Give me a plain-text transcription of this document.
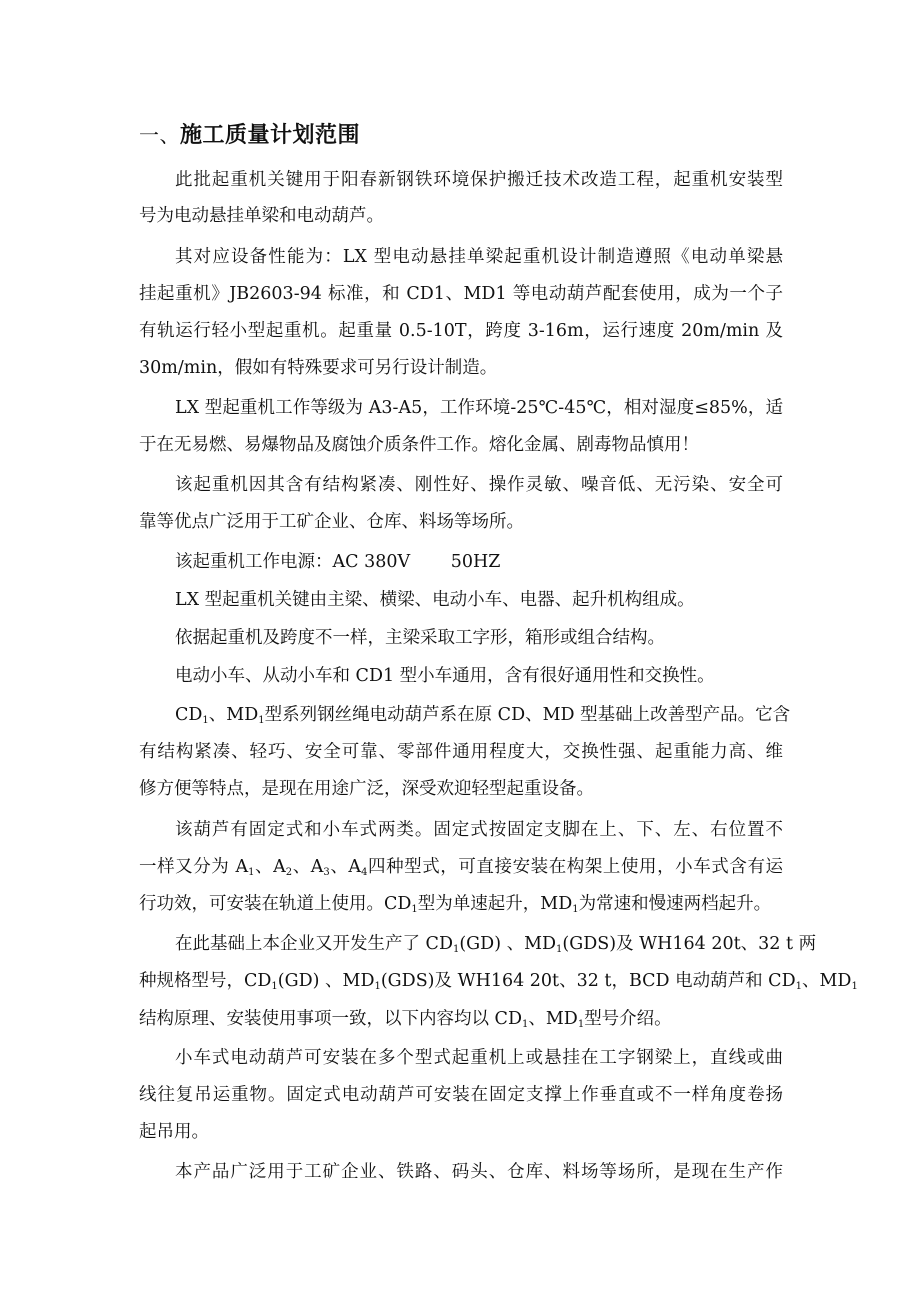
一、施工质量计划范围
此批起重机关键用于阳春新钢铁环境保护搬迁技术改造工程，起重机安装型
号为电动悬挂单梁和电动葫芦。
其对应设备性能为：LX 型电动悬挂单梁起重机设计制造遵照《电动单梁悬
挂起重机》JB2603-94 标准，和 CD1、MD1 等电动葫芦配套使用，成为一个子
有轨运行轻小型起重机。起重量 0.5-10T，跨度 3-16m，运行速度 20m/min 及
30m/min，假如有特殊要求可另行设计制造。
LX 型起重机工作等级为 A3-A5，工作环境-25℃-45℃，相对湿度≤85%，适
于在无易燃、易爆物品及腐蚀介质条件工作。熔化金属、剧毒物品慎用！
该起重机因其含有结构紧凑、刚性好、操作灵敏、噪音低、无污染、安全可
靠等优点广泛用于工矿企业、仓库、料场等场所。
该起重机工作电源：AC 380V　　 50HZ
LX 型起重机关键由主梁、横梁、电动小车、电器、起升机构组成。
依据起重机及跨度不一样，主梁采取工字形，箱形或组合结构。
电动小车、从动小车和 CD1 型小车通用，含有很好通用性和交换性。
$CD_1$、$MD_1$型系列钢丝绳电动葫芦系在原 CD、MD 型基础上改善型产品。它含
有结构紧凑、轻巧、安全可靠、零部件通用程度大，交换性强、起重能力高、维
修方便等特点，是现在用途广泛，深受欢迎轻型起重设备。
该葫芦有固定式和小车式两类。固定式按固定支脚在上、下、左、右位置不
一样又分为 $A_1$、$A_2$、$A_3$、$A_4$四种型式，可直接安装在构架上使用，小车式含有运
行功效，可安装在轨道上使用。$CD_1$型为单速起升，$MD_1$为常速和慢速两档起升。
在此基础上本企业又开发生产了 $CD_1(GD)$ 、$MD_1(GDS)$及 WH164 20t、32 t 两
种规格型号，$CD_1(GD)$ 、$MD_1(GDS)$及 WH164 20t、32 t，BCD 电动葫芦和 $CD_1$、$MD_1$
结构原理、安装使用事项一致，以下内容均以 $CD_1$、$MD_1$型号介绍。
小车式电动葫芦可安装在多个型式起重机上或悬挂在工字钢梁上，直线或曲
线往复吊运重物。固定式电动葫芦可安装在固定支撑上作垂直或不一样角度卷扬
起吊用。
本产品广泛用于工矿企业、铁路、码头、仓库、料场等场所，是现在生产作
